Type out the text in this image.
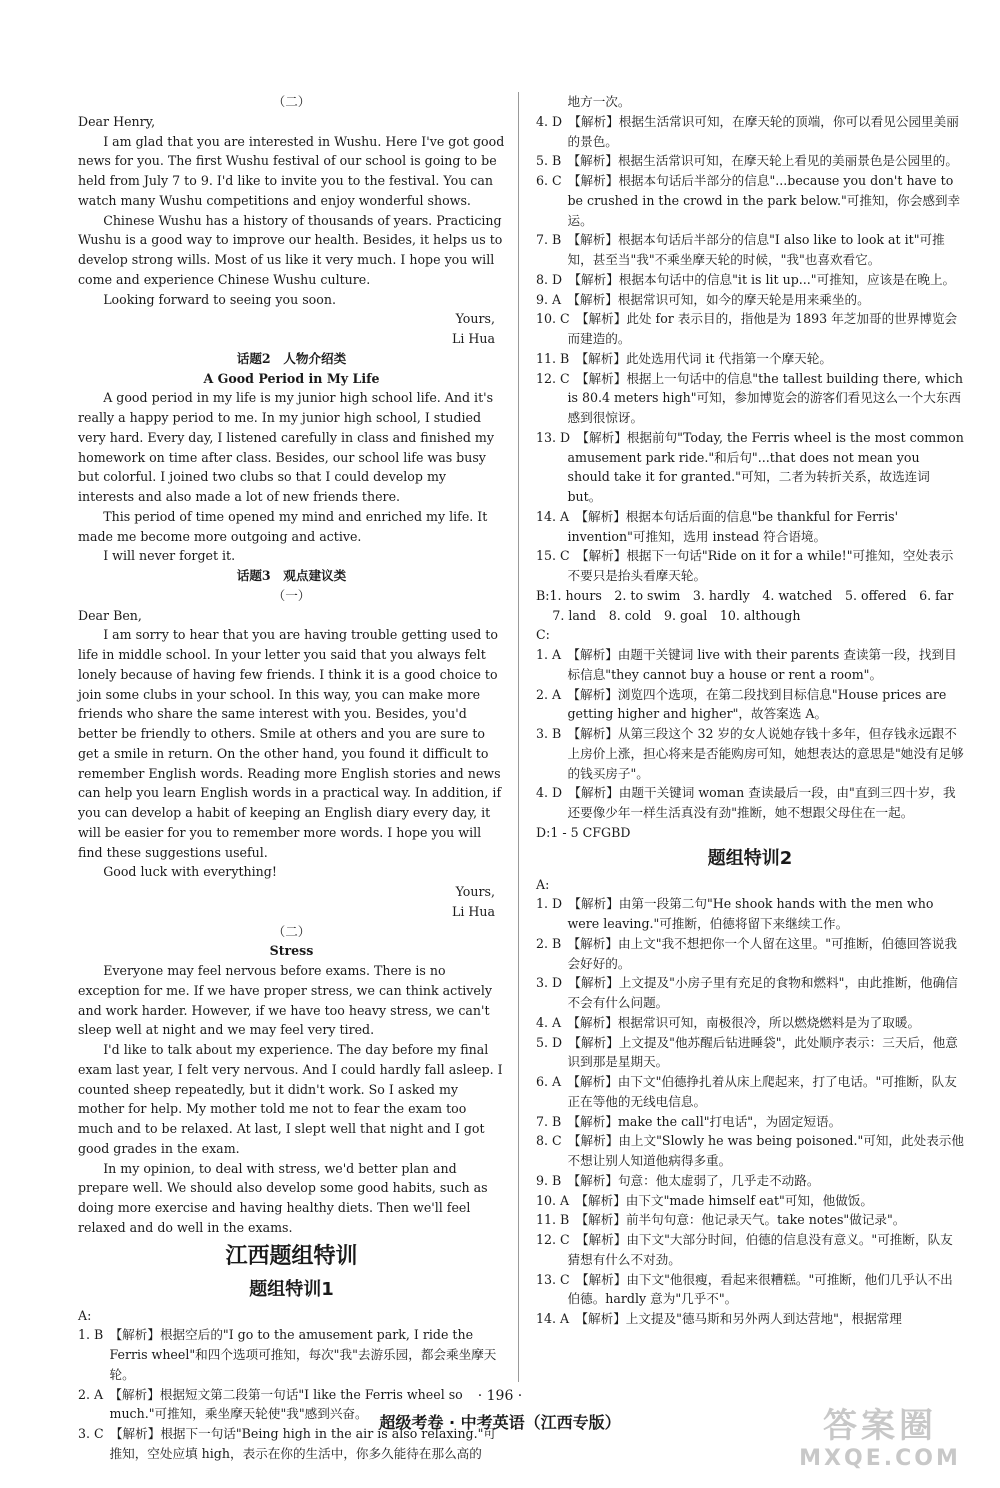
（二）

Dear Henry,

I am glad that you are interested in Wushu. Here I've got good news for you. The first Wushu festival of our school is going to be held from July 7 to 9. I'd like to invite you to the festival. You can watch many Wushu competitions and enjoy wonderful shows.

Chinese Wushu has a history of thousands of years. Practicing Wushu is a good way to improve our health. Besides, it helps us to develop strong wills. Most of us like it very much. I hope you will come and experience Chinese Wushu culture.

Looking forward to seeing you soon.

Yours,

Li Hua

话题2　人物介绍类

A Good Period in My Life

A good period in my life is my junior high school life. And it's really a happy period to me. In my junior high school, I studied very hard. Every day, I listened carefully in class and finished my homework on time after class. Besides, our school life was busy but colorful. I joined two clubs so that I could develop my interests and also made a lot of new friends there.

This period of time opened my mind and enriched my life. It made me become more outgoing and active.

I will never forget it.

话题3　观点建议类

（一）

Dear Ben,

I am sorry to hear that you are having trouble getting used to life in middle school. In your letter you said that you always felt lonely because of having few friends. I think it is a good choice to join some clubs in your school. In this way, you can make more friends who share the same interest with you. Besides, you'd better be friendly to others. Smile at others and you are sure to get a smile in return. On the other hand, you found it difficult to remember English words. Reading more English stories and news can help you learn English words in a practical way. In addition, if you can develop a habit of keeping an English diary every day, it will be easier for you to remember more words. I hope you will find these suggestions useful.

Good luck with everything!

Yours,

Li Hua

（二）

Stress

Everyone may feel nervous before exams. There is no exception for me. If we have proper stress, we can think actively and work harder. However, if we have too heavy stress, we can't sleep well at night and we may feel very tired.

I'd like to talk about my experience. The day before my final exam last year, I felt very nervous. And I could hardly fall asleep. I counted sheep repeatedly, but it didn't work. So I asked my mother for help. My mother told me not to fear the exam too much and to be relaxed. At last, I slept well that night and I got good grades in the exam.

In my opinion, to deal with stress, we'd better plan and prepare well. We should also develop some good habits, such as doing more exercise and having healthy diets. Then we'll feel relaxed and do well in the exams.

江西题组特训

题组特训1

A:

1. B　【解析】根据空后的"I go to the amusement park, I ride the Ferris wheel"和四个选项可推知，每次"我"去游乐园，都会乘坐摩天轮。

2. A　【解析】根据短文第二段第一句话"I like the Ferris wheel so much."可推知，乘坐摩天轮使"我"感到兴奋。

3. C　【解析】根据下一句话"Being high in the air is also relaxing."可推知，空处应填 high，表示在你的生活中，你多久能待在那么高的

地方一次。

4. D　【解析】根据生活常识可知，在摩天轮的顶端，你可以看见公园里美丽的景色。

5. B　【解析】根据生活常识可知，在摩天轮上看见的美丽景色是公园里的。

6. C　【解析】根据本句话后半部分的信息"...because you don't have to be crushed in the crowd in the park below."可推知，你会感到幸运。

7. B　【解析】根据本句话后半部分的信息"I also like to look at it"可推知，甚至当"我"不乘坐摩天轮的时候，"我"也喜欢看它。

8. D　【解析】根据本句话中的信息"it is lit up..."可推知，应该是在晚上。

9. A　【解析】根据常识可知，如今的摩天轮是用来乘坐的。

10. C　【解析】此处 for 表示目的，指他是为 1893 年芝加哥的世界博览会而建造的。

11. B　【解析】此处选用代词 it 代指第一个摩天轮。

12. C　【解析】根据上一句话中的信息"the tallest building there, which is 80.4 meters high"可知，参加博览会的游客们看见这么一个大东西感到很惊讶。

13. D　【解析】根据前句"Today, the Ferris wheel is the most common amusement park ride."和后句"...that does not mean you should take it for granted."可知，二者为转折关系，故选连词 but。

14. A　【解析】根据本句话后面的信息"be thankful for Ferris' invention"可推知，选用 instead 符合语境。

15. C　【解析】根据下一句话"Ride on it for a while!"可推知，空处表示不要只是抬头看摩天轮。

B:1. hours　2. to swim　3. hardly　4. watched　5. offered　6. far

7. land　8. cold　9. goal　10. although

C:

1. A　【解析】由题干关键词 live with their parents 查读第一段，找到目标信息"they cannot buy a house or rent a room"。

2. A　【解析】浏览四个选项，在第二段找到目标信息"House prices are getting higher and higher"，故答案选 A。

3. B　【解析】从第三段这个 32 岁的女人说她存钱十多年，但存钱永远跟不上房价上涨，担心将来是否能购房可知，她想表达的意思是"她没有足够的钱买房子"。

4. D　【解析】由题干关键词 woman 查读最后一段，由"直到三四十岁，我还要像少年一样生活真没有劲"推断，她不想跟父母住在一起。

D:1 - 5 CFGBD

题组特训2

A:

1. D　【解析】由第一段第二句"He shook hands with the men who were leaving."可推断，伯德将留下来继续工作。

2. B　【解析】由上文"我不想把你一个人留在这里。"可推断，伯德回答说我会好好的。

3. D　【解析】上文提及"小房子里有充足的食物和燃料"，由此推断，他确信不会有什么问题。

4. A　【解析】根据常识可知，南极很冷，所以燃烧燃料是为了取暖。

5. D　【解析】上文提及"他苏醒后钻进睡袋"，此处顺序表示：三天后，他意识到那是星期天。

6. A　【解析】由下文"伯德挣扎着从床上爬起来，打了电话。"可推断，队友正在等他的无线电信息。

7. B　【解析】make the call"打电话"，为固定短语。

8. C　【解析】由上文"Slowly he was being poisoned."可知，此处表示他不想让别人知道他病得多重。

9. B　【解析】句意：他太虚弱了，几乎走不动路。

10. A　【解析】由下文"made himself eat"可知，他做饭。

11. B　【解析】前半句句意：他记录天气。take notes"做记录"。

12. C　【解析】由下文"大部分时间，伯德的信息没有意义。"可推断，队友猜想有什么不对劲。

13. C　【解析】由下文"他很瘦，看起来很糟糕。"可推断，他们几乎认不出伯德。hardly 意为"几乎不"。

14. A　【解析】上文提及"德马斯和另外两人到达营地"，根据常理

· 196 ·
超级考卷 · 中考英语（江西专版）	答案圈
MXQE.COM
